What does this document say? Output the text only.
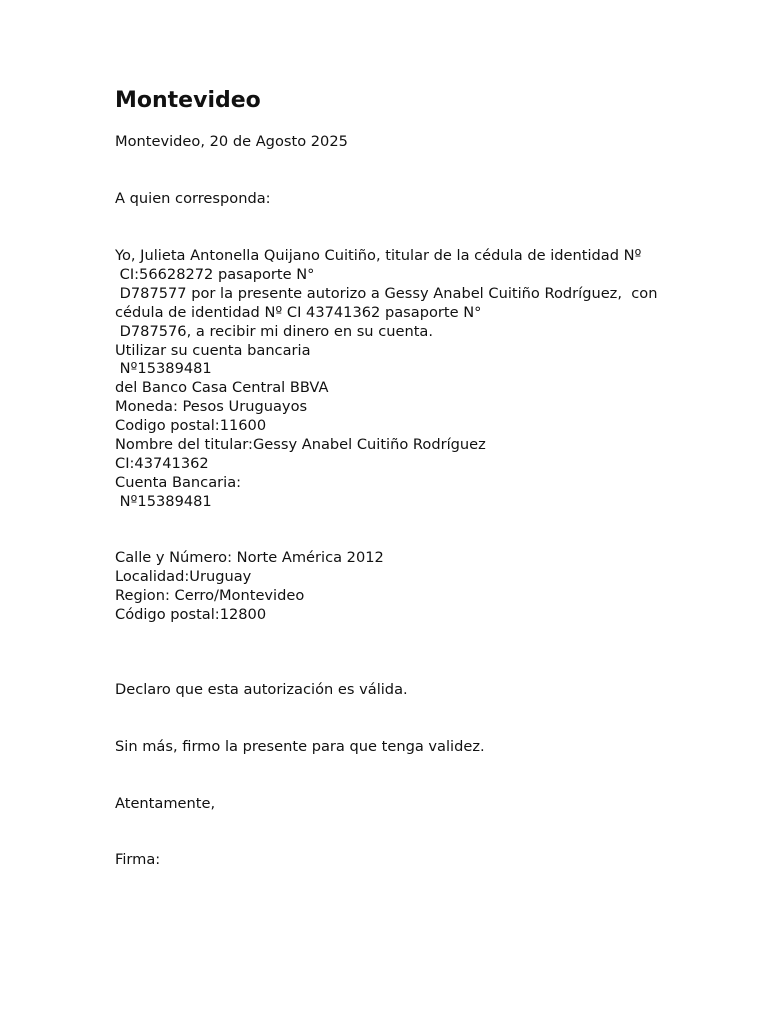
Montevideo

Montevideo, 20 de Agosto 2025

A quien corresponda:

Yo, Julieta Antonella Quijano Cuitiño, titular de la cédula de identidad Nº

CI:56628272 pasaporte N°

D787577 por la presente autorizo a Gessy Anabel Cuitiño Rodríguez,  con

cédula de identidad Nº CI 43741362 pasaporte N°

D787576, a recibir mi dinero en su cuenta.

Utilizar su cuenta bancaria

Nº15389481

del Banco Casa Central BBVA

Moneda: Pesos Uruguayos

Codigo postal:11600

Nombre del titular:Gessy Anabel Cuitiño Rodríguez

CI:43741362

Cuenta Bancaria:

Nº15389481

Calle y Número: Norte América 2012

Localidad:Uruguay

Region: Cerro/Montevideo

Código postal:12800

Declaro que esta autorización es válida.

Sin más, firmo la presente para que tenga validez.

Atentamente,

Firma:
